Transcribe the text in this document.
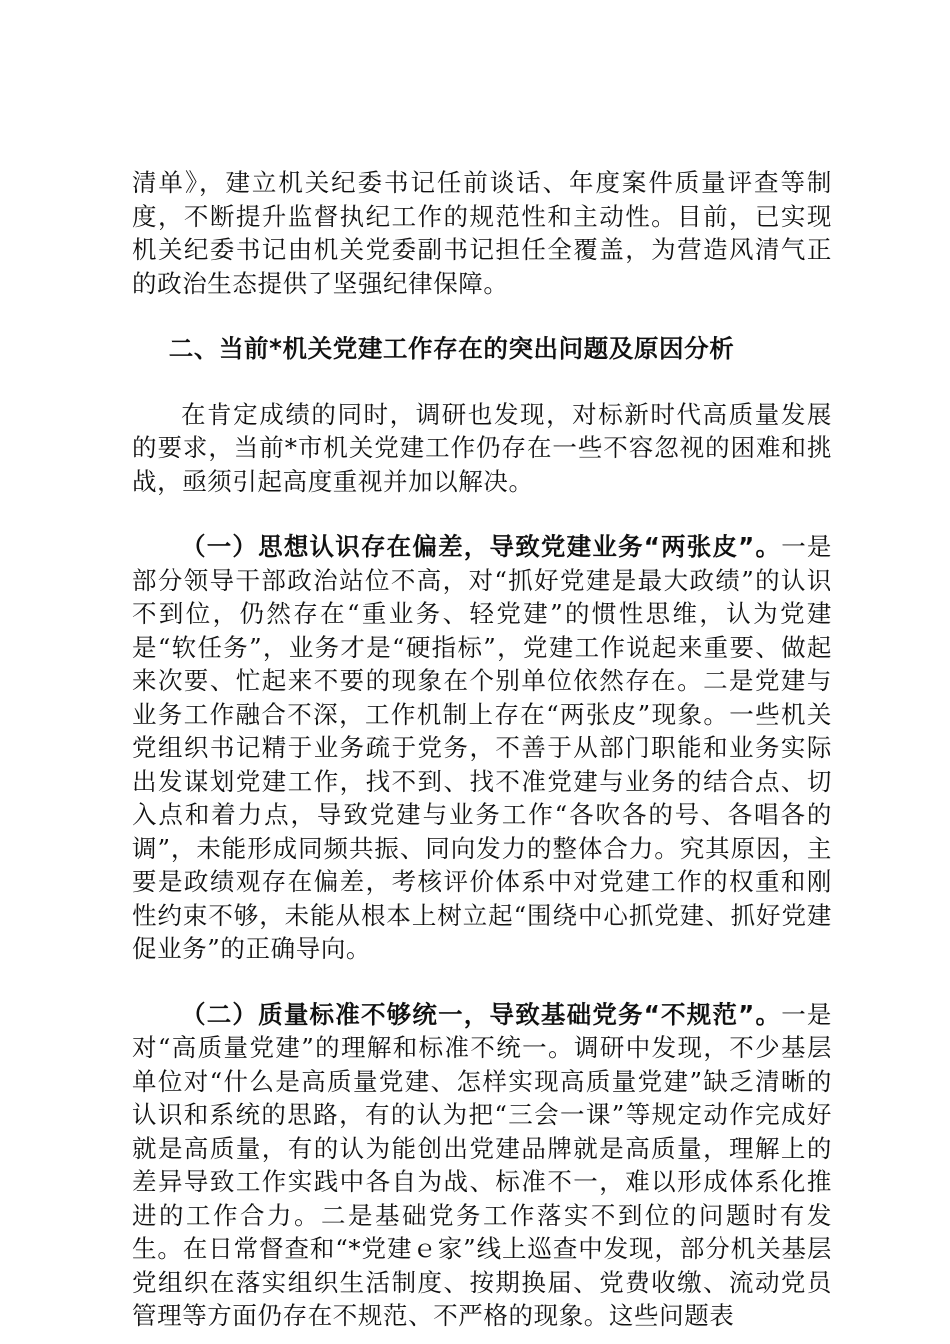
清单》，建立机关纪委书记任前谈话、年度案件质量评查等制度，不断提升监督执纪工作的规范性和主动性。目前，已实现机关纪委书记由机关党委副书记担任全覆盖，为营造风清气正的政治生态提供了坚强纪律保障。

二、当前*机关党建工作存在的突出问题及原因分析

在肯定成绩的同时，调研也发现，对标新时代高质量发展的要求，当前*市机关党建工作仍存在一些不容忽视的困难和挑战，亟须引起高度重视并加以解决。

（一）思想认识存在偏差，导致党建业务“两张皮”。一是部分领导干部政治站位不高，对“抓好党建是最大政绩”的认识不到位，仍然存在“重业务、轻党建”的惯性思维，认为党建是“软任务”，业务才是“硬指标”，党建工作说起来重要、做起来次要、忙起来不要的现象在个别单位依然存在。二是党建与业务工作融合不深，工作机制上存在“两张皮”现象。一些机关党组织书记精于业务疏于党务，不善于从部门职能和业务实际出发谋划党建工作，找不到、找不准党建与业务的结合点、切入点和着力点，导致党建与业务工作“各吹各的号、各唱各的调”，未能形成同频共振、同向发力的整体合力。究其原因，主要是政绩观存在偏差，考核评价体系中对党建工作的权重和刚性约束不够，未能从根本上树立起“围绕中心抓党建、抓好党建促业务”的正确导向。

（二）质量标准不够统一，导致基础党务“不规范”。一是对“高质量党建”的理解和标准不统一。调研中发现，不少基层单位对“什么是高质量党建、怎样实现高质量党建”缺乏清晰的认识和系统的思路，有的认为把“三会一课”等规定动作完成好就是高质量，有的认为能创出党建品牌就是高质量，理解上的差异导致工作实践中各自为战、标准不一，难以形成体系化推进的工作合力。二是基础党务工作落实不到位的问题时有发生。在日常督查和“*党建ｅ家”线上巡查中发现，部分机关基层党组织在落实组织生活制度、按期换届、党费收缴、流动党员管理等方面仍存在不规范、不严格的现象。这些问题表
